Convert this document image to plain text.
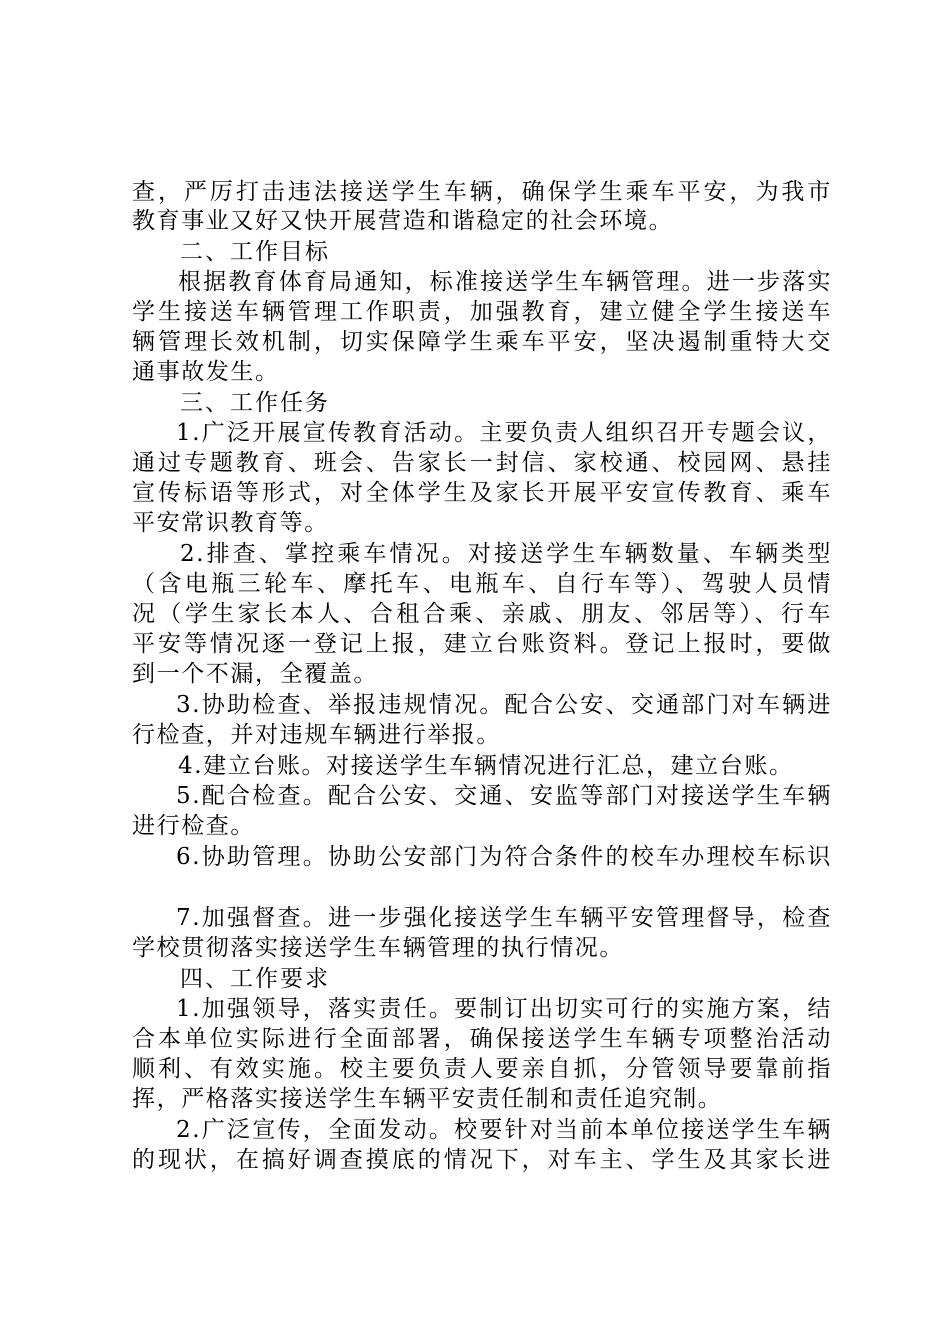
查，严厉打击违法接送学生车辆，确保学生乘车平安，为我市
教育事业又好又快开展营造和谐稳定的社会环境。
二、工作目标
根据教育体育局通知，标准接送学生车辆管理。进一步落实
学生接送车辆管理工作职责，加强教育，建立健全学生接送车
辆管理长效机制，切实保障学生乘车平安，坚决遏制重特大交
通事故发生。
三、工作任务
1.广泛开展宣传教育活动。主要负责人组织召开专题会议，
通过专题教育、班会、告家长一封信、家校通、校园网、悬挂
宣传标语等形式，对全体学生及家长开展平安宣传教育、乘车
平安常识教育等。
2.排查、掌控乘车情况。对接送学生车辆数量、车辆类型
（含电瓶三轮车、摩托车、电瓶车、自行车等）、驾驶人员情
况（学生家长本人、合租合乘、亲戚、朋友、邻居等）、行车
平安等情况逐一登记上报，建立台账资料。登记上报时，要做
到一个不漏，全覆盖。
3.协助检查、举报违规情况。配合公安、交通部门对车辆进
行检查，并对违规车辆进行举报。
4.建立台账。对接送学生车辆情况进行汇总，建立台账。
5.配合检查。配合公安、交通、安监等部门对接送学生车辆
进行检查。
6.协助管理。协助公安部门为符合条件的校车办理校车标识
7.加强督查。进一步强化接送学生车辆平安管理督导，检查
学校贯彻落实接送学生车辆管理的执行情况。
四、工作要求
1.加强领导，落实责任。要制订出切实可行的实施方案，结
合本单位实际进行全面部署，确保接送学生车辆专项整治活动
顺利、有效实施。校主要负责人要亲自抓，分管领导要靠前指
挥，严格落实接送学生车辆平安责任制和责任追究制。
2.广泛宣传，全面发动。校要针对当前本单位接送学生车辆
的现状，在搞好调查摸底的情况下，对车主、学生及其家长进
